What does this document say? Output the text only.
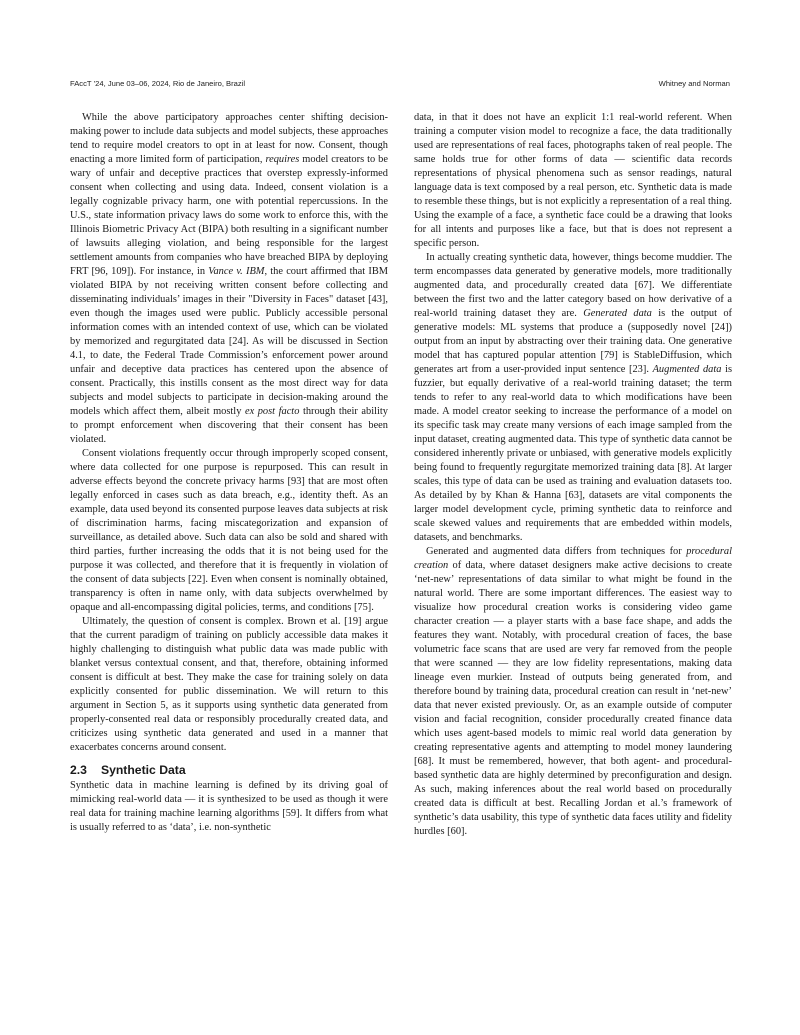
FAccT ’24, June 03–06, 2024, Rio de Janeiro, Brazil	Whitney and Norman

While the above participatory approaches center shifting decision-making power to include data subjects and model subjects, these approaches tend to require model creators to opt in at least for now. Consent, though enacting a more limited form of participation, requires model creators to be wary of unfair and deceptive practices that overstep expressly-informed consent when collecting and using data. Indeed, consent violation is a legally cognizable privacy harm, one with potential repercussions. In the U.S., state information privacy laws do some work to enforce this, with the Illinois Biometric Privacy Act (BIPA) both resulting in a significant number of lawsuits alleging violation, and being responsible for the largest settlement amounts from companies who have breached BIPA by deploying FRT [96, 109]). For instance, in Vance v. IBM, the court affirmed that IBM violated BIPA by not receiving written consent before collecting and disseminating individuals’ images in their "Diversity in Faces" dataset [43], even though the images used were public. Publicly accessible personal information comes with an intended context of use, which can be violated by memorized and regurgitated data [24]. As will be discussed in Section 4.1, to date, the Federal Trade Commission’s enforcement power around unfair and deceptive data practices has centered upon the absence of consent. Practically, this instills consent as the most direct way for data subjects and model subjects to participate in decision-making around the models which affect them, albeit mostly ex post facto through their ability to prompt enforcement when discovering that their consent has been violated.

Consent violations frequently occur through improperly scoped consent, where data collected for one purpose is repurposed. This can result in adverse effects beyond the concrete privacy harms [93] that are most often legally enforced in cases such as data breach, e.g., identity theft. As an example, data used beyond its consented purpose leaves data subjects at risk of discrimination harms, facing miscategorization and expansion of surveillance, as detailed above. Such data can also be sold and shared with third parties, further increasing the odds that it is not being used for the purpose it was collected, and therefore that it is frequently in violation of the consent of data subjects [22]. Even when consent is nominally obtained, transparency is often in name only, with data subjects overwhelmed by opaque and all-encompassing digital policies, terms, and conditions [75].

Ultimately, the question of consent is complex. Brown et al. [19] argue that the current paradigm of training on publicly accessible data makes it highly challenging to distinguish what public data was made public with blanket versus contextual consent, and that, therefore, obtaining informed consent is difficult at best. They make the case for training solely on data explicitly consented for public dissemination. We will return to this argument in Section 5, as it supports using synthetic data generated from properly-consented real data or responsibly procedurally created data, and criticizes using synthetic data generated and used in a manner that exacerbates concerns around consent.

2.3 Synthetic Data

Synthetic data in machine learning is defined by its driving goal of mimicking real-world data — it is synthesized to be used as though it were real data for training machine learning algorithms [59]. It differs from what is usually referred to as ‘data’, i.e. non-synthetic

data, in that it does not have an explicit 1:1 real-world referent. When training a computer vision model to recognize a face, the data traditionally used are representations of real faces, photographs taken of real people. The same holds true for other forms of data — scientific data records representations of physical phenomena such as sensor readings, natural language data is text composed by a real person, etc. Synthetic data is made to resemble these things, but is not explicitly a representation of a real thing. Using the example of a face, a synthetic face could be a drawing that looks for all intents and purposes like a face, but that is does not represent a specific person.

In actually creating synthetic data, however, things become muddier. The term encompasses data generated by generative models, more traditionally augmented data, and procedurally created data [67]. We differentiate between the first two and the latter category based on how derivative of a real-world training dataset they are. Generated data is the output of generative models: ML systems that produce a (supposedly novel [24]) output from an input by abstracting over their training data. One generative model that has captured popular attention [79] is StableDiffusion, which generates art from a user-provided input sentence [23]. Augmented data is fuzzier, but equally derivative of a real-world training dataset; the term tends to refer to any real-world data to which modifications have been made. A model creator seeking to increase the performance of a model on its specific task may create many versions of each image sampled from the input dataset, creating augmented data. This type of synthetic data cannot be considered inherently private or unbiased, with generative models explicitly being found to frequently regurgitate memorized training data [8]. At larger scales, this type of data can be used as training and evaluation datasets too. As detailed by by Khan & Hanna [63], datasets are vital components the larger model development cycle, priming synthetic data to reinforce and scale skewed values and requirements that are embedded within models, datasets, and benchmarks.

Generated and augmented data differs from techniques for procedural creation of data, where dataset designers make active decisions to create ‘net-new’ representations of data similar to what might be found in the natural world. There are some important differences. The easiest way to visualize how procedural creation works is considering video game character creation — a player starts with a base face shape, and adds the features they want. Notably, with procedural creation of faces, the base volumetric face scans that are used are very far removed from the people that were scanned — they are low fidelity representations, making data lineage even murkier. Instead of outputs being generated from, and therefore bound by training data, procedural creation can result in ‘net-new’ data that never existed previously. Or, as an example outside of computer vision and facial recognition, consider procedurally created finance data which uses agent-based models to mimic real world data generation by creating representative agents and attempting to model money laundering [68]. It must be remembered, however, that both agent- and procedural-based synthetic data are highly determined by preconfiguration and design. As such, making inferences about the real world based on procedurally created data is difficult at best. Recalling Jordan et al.’s framework of synthetic’s data usability, this type of synthetic data faces utility and fidelity hurdles [60].
